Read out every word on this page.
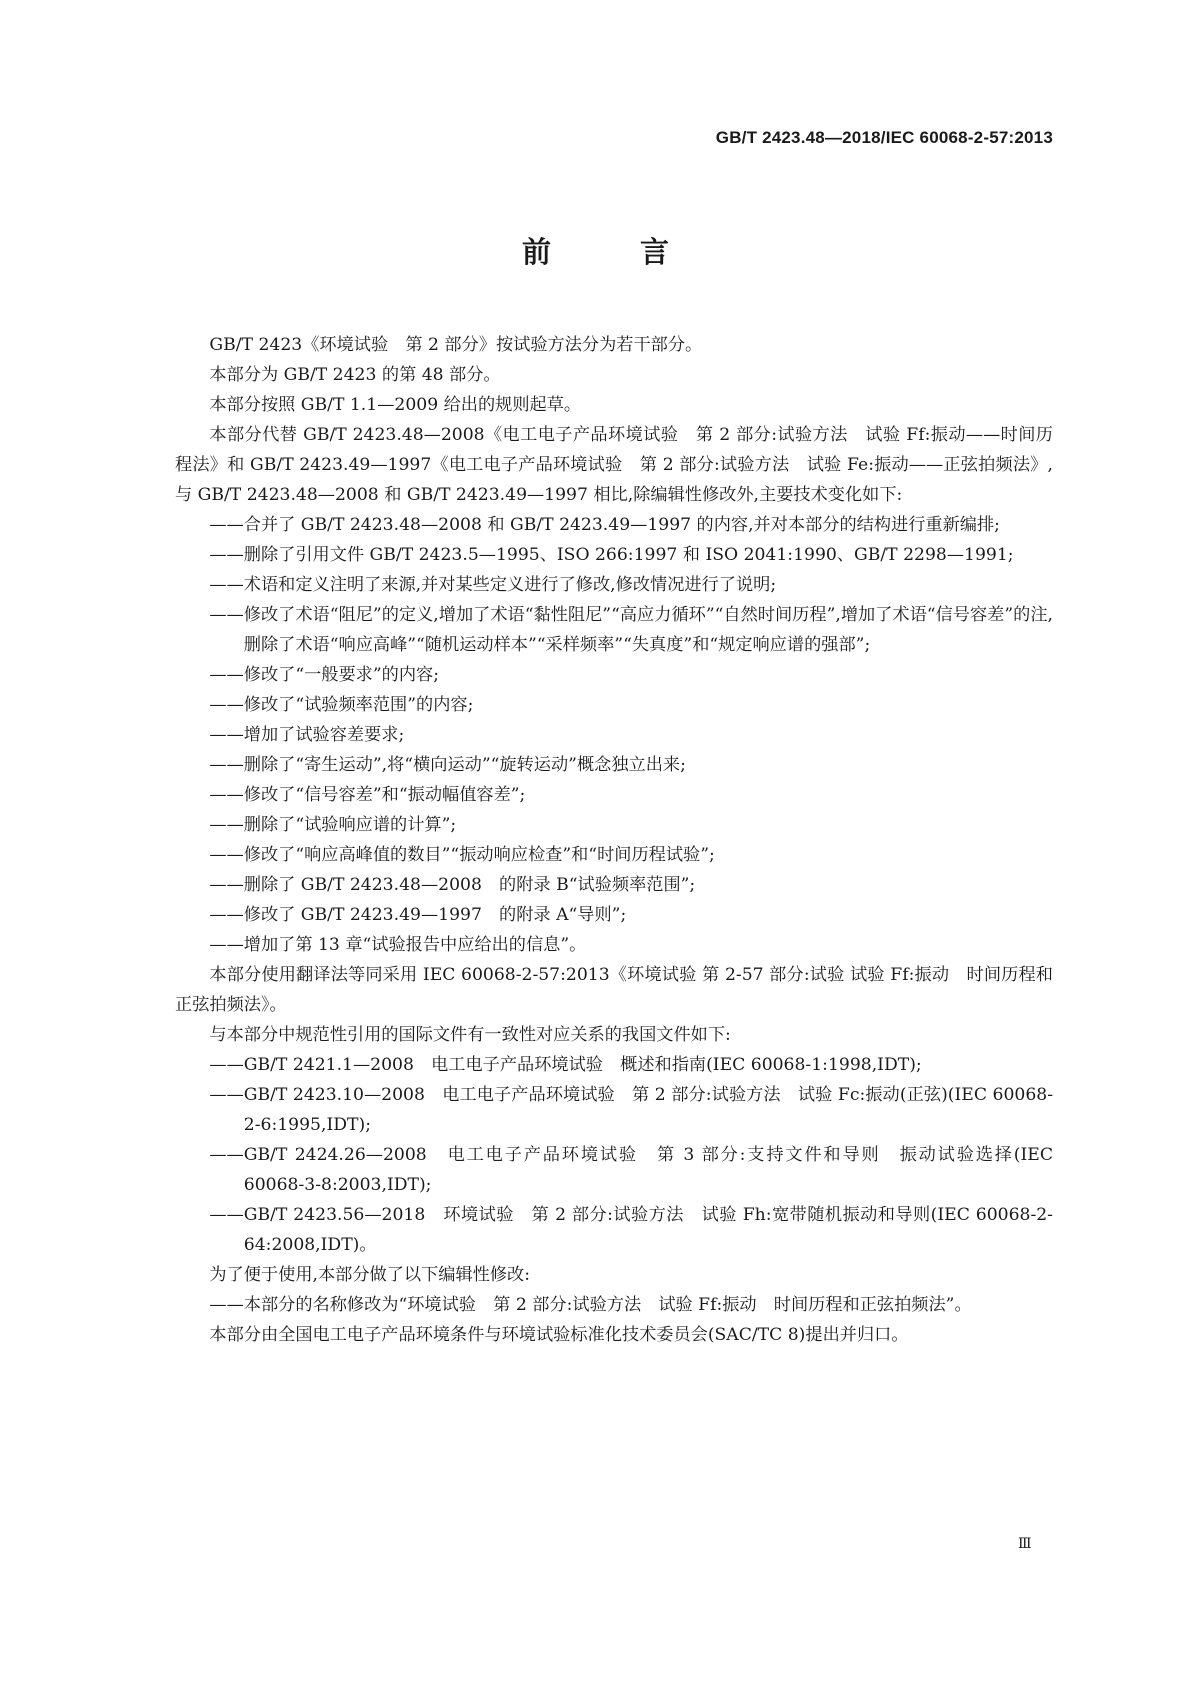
GB/T 2423.48—2018/IEC 60068-2-57:2013
前　言

GB/T 2423《环境试验　第 2 部分》按试验方法分为若干部分。

本部分为 GB/T 2423 的第 48 部分。

本部分按照 GB/T 1.1—2009 给出的规则起草。

本部分代替 GB/T 2423.48—2008《电工电子产品环境试验　第 2 部分:试验方法　试验 Ff:振动——时间历程法》和 GB/T 2423.49—1997《电工电子产品环境试验　第 2 部分:试验方法　试验 Fe:振动——正弦拍频法》,与 GB/T 2423.48—2008 和 GB/T 2423.49—1997 相比,除编辑性修改外,主要技术变化如下:

——合并了 GB/T 2423.48—2008 和 GB/T 2423.49—1997 的内容,并对本部分的结构进行重新编排;

——删除了引用文件 GB/T 2423.5—1995、ISO 266:1997 和 ISO 2041:1990、GB/T 2298—1991;

——术语和定义注明了来源,并对某些定义进行了修改,修改情况进行了说明;

——修改了术语“阻尼”的定义,增加了术语“黏性阻尼”“高应力循环”“自然时间历程”,增加了术语“信号容差”的注,删除了术语“响应高峰”“随机运动样本”“采样频率”“失真度”和“规定响应谱的强部”;

——修改了“一般要求”的内容;

——修改了“试验频率范围”的内容;

——增加了试验容差要求;

——删除了“寄生运动”,将“横向运动”“旋转运动”概念独立出来;

——修改了“信号容差”和“振动幅值容差”;

——删除了“试验响应谱的计算”;

——修改了“响应高峰值的数目”“振动响应检查”和“时间历程试验”;

——删除了 GB/T 2423.48—2008　的附录 B“试验频率范围”;

——修改了 GB/T 2423.49—1997　的附录 A“导则”;

——增加了第 13 章“试验报告中应给出的信息”。

本部分使用翻译法等同采用 IEC 60068-2-57:2013《环境试验 第 2-57 部分:试验 试验 Ff:振动　时间历程和正弦拍频法》。

与本部分中规范性引用的国际文件有一致性对应关系的我国文件如下:

——GB/T 2421.1—2008　电工电子产品环境试验　概述和指南(IEC 60068-1:1998,IDT);

——GB/T 2423.10—2008　电工电子产品环境试验　第 2 部分:试验方法　试验 Fc:振动(正弦)(IEC 60068-2-6:1995,IDT);

——GB/T 2424.26—2008　电工电子产品环境试验　第 3 部分:支持文件和导则　振动试验选择(IEC 60068-3-8:2003,IDT);

——GB/T 2423.56—2018　环境试验　第 2 部分:试验方法　试验 Fh:宽带随机振动和导则(IEC 60068-2-64:2008,IDT)。

为了便于使用,本部分做了以下编辑性修改:

——本部分的名称修改为“环境试验　第 2 部分:试验方法　试验 Ff:振动　时间历程和正弦拍频法”。

本部分由全国电工电子产品环境条件与环境试验标准化技术委员会(SAC/TC 8)提出并归口。

Ⅲ
